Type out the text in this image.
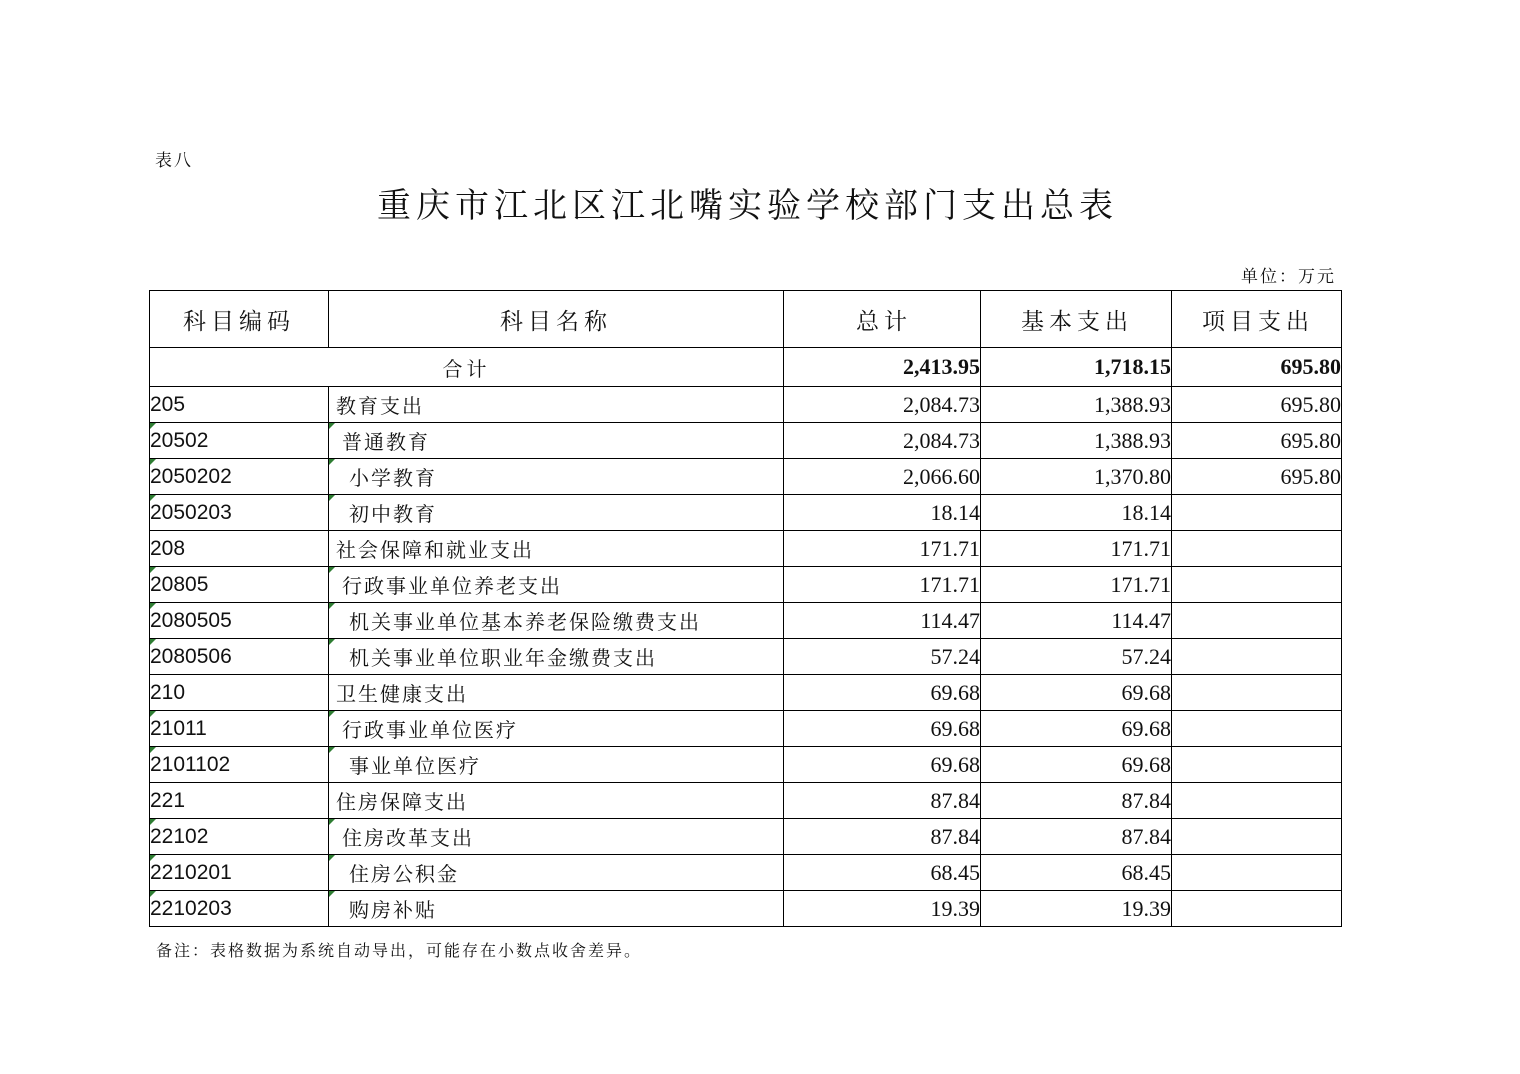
表八
重庆市江北区江北嘴实验学校部门支出总表
单位：万元
科目编码	科目名称	总计	基本支出	项目支出
合计		2,413.95	1,718.15	695.80
205	教育支出	2,084.73	1,388.93	695.80

20502	普通教育	2,084.73	1,388.93	695.80

2050202	小学教育	2,066.60	1,370.80	695.80

2050203	初中教育	18.14	18.14	
208	社会保障和就业支出	171.71	171.71	

20805	行政事业单位养老支出	171.71	171.71	

2080505	机关事业单位基本养老保险缴费支出	114.47	114.47	

2080506	机关事业单位职业年金缴费支出	57.24	57.24	
210	卫生健康支出	69.68	69.68	

21011	行政事业单位医疗	69.68	69.68	

2101102	事业单位医疗	69.68	69.68	
221	住房保障支出	87.84	87.84	

22102	住房改革支出	87.84	87.84	

2210201	住房公积金	68.45	68.45	

2210203	购房补贴	19.39	19.39	
备注：表格数据为系统自动导出，可能存在小数点收舍差异。
